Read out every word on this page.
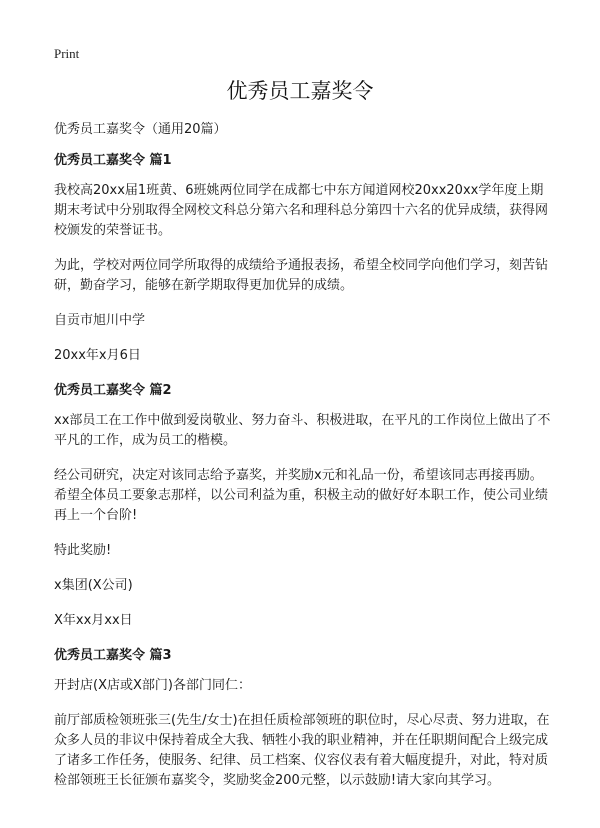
Print
优秀员工嘉奖令

优秀员工嘉奖令（通用20篇）

优秀员工嘉奖令 篇1

我校高20xx届1班黄、6班姚两位同学在成都七中东方闻道网校20xx20xx学年度上期期末考试中分别取得全网校文科总分第六名和理科总分第四十六名的优异成绩，获得网校颁发的荣誉证书。

为此，学校对两位同学所取得的成绩给予通报表扬，希望全校同学向他们学习，刻苦钻研，勤奋学习，能够在新学期取得更加优异的成绩。

自贡市旭川中学

20xx年x月6日

优秀员工嘉奖令 篇2

xx部员工在工作中做到爱岗敬业、努力奋斗、积极进取，在平凡的工作岗位上做出了不平凡的工作，成为员工的楷模。

经公司研究，决定对该同志给予嘉奖，并奖励x元和礼品一份，希望该同志再接再励。希望全体员工要象志那样，以公司利益为重，积极主动的做好好本职工作，使公司业绩再上一个台阶!

特此奖励!

x集团(X公司)

X年xx月xx日

优秀员工嘉奖令 篇3

开封店(X店或X部门)各部门同仁：

前厅部质检领班张三(先生/女士)在担任质检部领班的职位时，尽心尽责、努力进取，在众多人员的非议中保持着成全大我、牺牲小我的职业精神，并在任职期间配合上级完成了诸多工作任务，使服务、纪律、员工档案、仪容仪表有着大幅度提升，对此，特对质检部领班王长征颁布嘉奖令，奖励奖金200元整，以示鼓励!请大家向其学习。
